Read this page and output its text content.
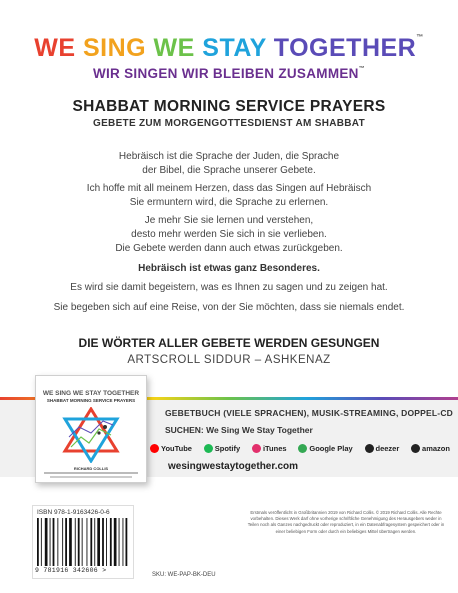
WE SING WE STAY TOGETHER™
WIR SINGEN WIR BLEIBEN ZUSAMMEN™
SHABBAT MORNING SERVICE PRAYERS
GEBETE ZUM MORGENGOTTESDIENST AM SHABBAT
Hebräisch ist die Sprache der Juden, die Sprache
der Bibel, die Sprache unserer Gebete.
Ich hoffe mit all meinem Herzen, dass das Singen auf Hebräisch
Sie ermuntern wird, die Sprache zu erlernen.
Je mehr Sie sie lernen und verstehen,
desto mehr werden Sie sich in sie verlieben.
Die Gebete werden dann auch etwas zurückgeben.
Hebräisch ist etwas ganz Besonderes.
Es wird sie damit begeistern, was es Ihnen zu sagen und zu zeigen hat.
Sie begeben sich auf eine Reise, von der Sie möchten, dass sie niemals endet.
DIE WÖRTER ALLER GEBETE WERDEN GESUNGEN
ARTSCROLL SIDDUR – ASHKENAZ
WE SING WE STAY TOGETHER
SHABBAT MORNING SERVICE PRAYERS
RICHARD COLLIS
GEBETBUCH (VIELE SPRACHEN), MUSIK-STREAMING, DOPPEL-CD
SUCHEN: We Sing We Stay Together
YouTube	Spotify	iTunes	Google Play	deezer	amazon
wesingwestaytogether.com
ISBN 978-1-9163426-0-6
9 781916 342606 >
SKU: WE-PAP-BK-DEU
Erstmals veröffentlicht in Großbritannien 2019 von Richard Collis. © 2019 Richard Collis. Alle Rechte vorbehalten. Dieses Werk darf ohne vorherige schriftliche Genehmigung des Herausgebers weder in Teilen noch als Ganzes nachgedruckt oder reproduziert, in ein Datenabfragesystem gespeichert oder in einer beliebigen Form oder durch ein beliebiges Mittel übertragen werden.
